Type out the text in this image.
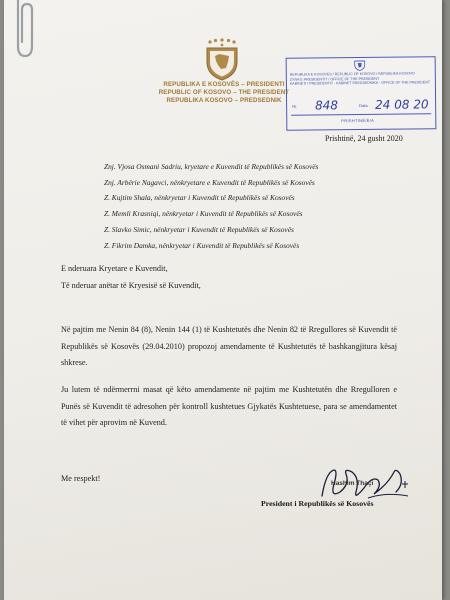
REPUBLIKA E KOSOVËS – PRESIDENTI
REPUBLIC OF KOSOVO – THE PRESIDENT
REPUBLIKA KOSOVO – PREDSEDNIK
REPUBLIKA E KOSOVËS / REPUBLIC OF KOSOVO / REPUBLIKA KOSOVO
ZYRA E PRESIDENTIT / OFFICE OF THE PRESIDENT
KABINETI I PRESIDENTIT - KABINET PREDSEDNIKA - OFFICE OF THE PRESIDENT
Nr. 848	Data 24 08 20
PRISHTINË/Ë/A
Prishtinë, 24 gusht 2020
Znj. Vjosa Osmani Sadriu, kryetare e Kuvendit të Republikës së Kosovës
Znj. Arbërie Nagavci, nënkryetare e Kuvendit të Republikës së Kosovës
Z. Kujtim Shala, nënkryetar i Kuvendit të Republikës së Kosovës
Z. Memli Krasniqi, nënkryetar i Kuvendit të Republikës së Kosovës
Z. Slavko Simic, nënkryetar i Kuvendit të Republikës së Kosovës
Z. Fikrim Damka, nënkryetar i Kuvendit të Republikës së Kosovës
E nderuara Kryetare e Kuvendit,
Të nderuar anëtar të Kryesisë së Kuvendit,

Në pajtim me Nenin 84 (8), Nenin 144 (1) të Kushtetutës dhe Nenin 82 të Rregullores së Kuvendit të Republikës së Kosovës (29.04.2010) propozoj amendamente të Kushtetutës të bashkangjitura kësaj shkrese.

Ju lutem të ndërmerrni masat që këto amendamente në pajtim me Kushtetutën dhe Rregulloren e Punës së Kuvendit të adresohen për kontroll kushtetues Gjykatës Kushtetuese, para se amendamentet të vihet për aprovim në Kuvend.

Me respekt!
Hashim Thaçi
President i Republikës së Kosovës
